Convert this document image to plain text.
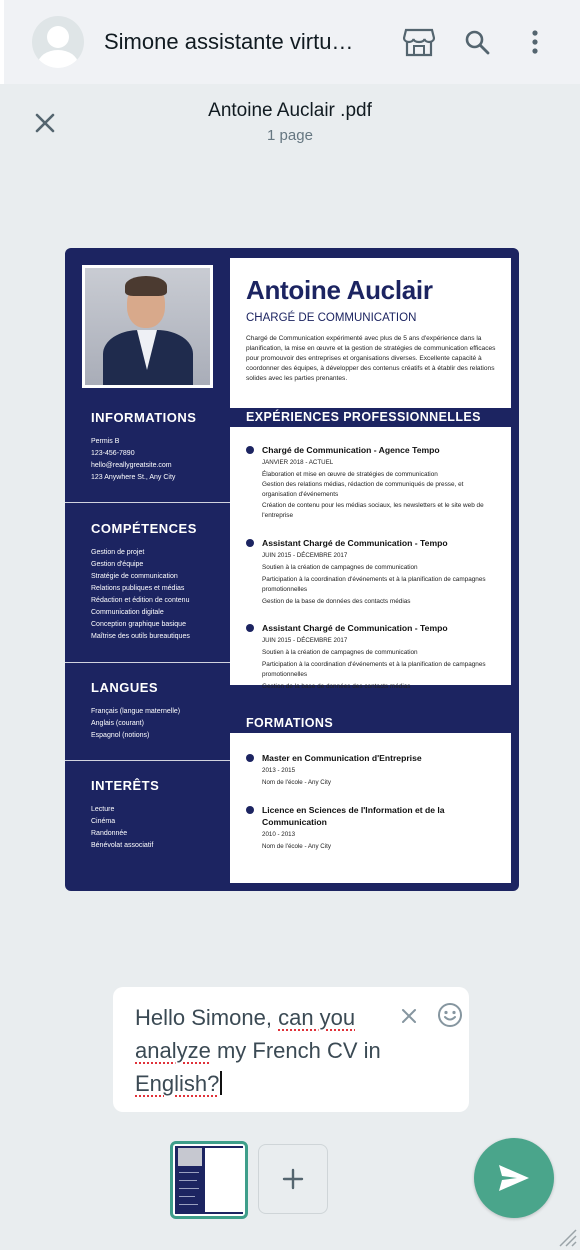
Simone assistante virtu…
Antoine Auclair .pdf
1 page
Antoine Auclair
CHARGÉ DE COMMUNICATION
Chargé de Communication expérimenté avec plus de 5 ans d'expérience dans la planification, la mise en œuvre et la gestion de stratégies de communication efficaces pour promouvoir des entreprises et organisations diverses. Excellente capacité à coordonner des équipes, à développer des contenus créatifs et à établir des relations solides avec les parties prenantes.
INFORMATIONS
Permis B
123-456-7890
hello@reallygreatsite.com
123 Anywhere St., Any City
COMPÉTENCES
Gestion de projet
Gestion d'équipe
Stratégie de communication
Relations publiques et médias
Rédaction et édition de contenu
Communication digitale
Conception graphique basique
Maîtrise des outils bureautiques
LANGUES
Français (langue maternelle)
Anglais (courant)
Espagnol (notions)
INTERÊTS
Lecture
Cinéma
Randonnée
Bénévolat associatif
EXPÉRIENCES PROFESSIONNELLES
FORMATIONS
Chargé de Communication - Agence Tempo
JANVIER 2018 - ACTUEL
Élaboration et mise en œuvre de stratégies de communication
Gestion des relations médias, rédaction de communiqués de presse, et organisation d'événements
Création de contenu pour les médias sociaux, les newsletters et le site web de l'entreprise
Assistant Chargé de Communication - Tempo
JUIN 2015 - DÉCEMBRE 2017
Soutien à la création de campagnes de communication
Participation à la coordination d'événements et à la planification de campagnes promotionnelles
Gestion de la base de données des contacts médias
Assistant Chargé de Communication - Tempo
JUIN 2015 - DÉCEMBRE 2017
Soutien à la création de campagnes de communication
Participation à la coordination d'événements et à la planification de campagnes promotionnelles
Gestion de la base de données des contacts médias
Master en Communication d'Entreprise
2013 - 2015
Nom de l'école - Any City
Licence en Sciences de l'Information et de la Communication
2010 - 2013
Nom de l'école - Any City
Hello Simone, can you analyze my French CV in English?
